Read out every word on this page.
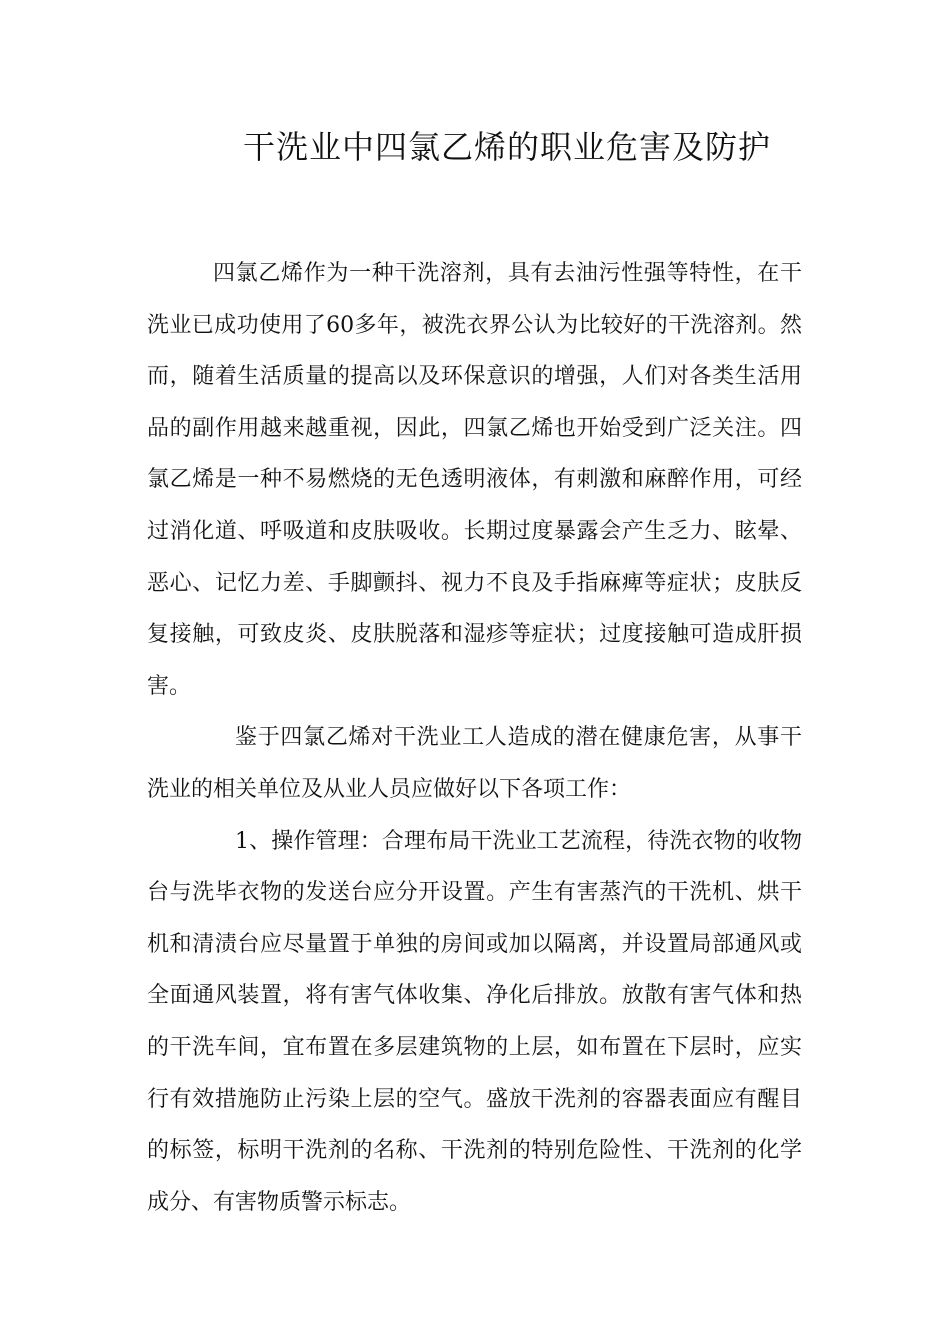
干洗业中四氯乙烯的职业危害及防护

四氯乙烯作为一种干洗溶剂，具有去油污性强等特性，在干洗业已成功使用了60多年，被洗衣界公认为比较好的干洗溶剂。然而，随着生活质量的提高以及环保意识的增强，人们对各类生活用品的副作用越来越重视，因此，四氯乙烯也开始受到广泛关注。四氯乙烯是一种不易燃烧的无色透明液体，有刺激和麻醉作用，可经过消化道、呼吸道和皮肤吸收。长期过度暴露会产生乏力、眩晕、恶心、记忆力差、手脚颤抖、视力不良及手指麻痺等症状；皮肤反复接触，可致皮炎、皮肤脱落和湿疹等症状；过度接触可造成肝损害。

鉴于四氯乙烯对干洗业工人造成的潜在健康危害，从事干洗业的相关单位及从业人员应做好以下各项工作：

1、操作管理：合理布局干洗业工艺流程，待洗衣物的收物台与洗毕衣物的发送台应分开设置。产生有害蒸汽的干洗机、烘干机和清渍台应尽量置于单独的房间或加以隔离，并设置局部通风或全面通风装置，将有害气体收集、净化后排放。放散有害气体和热的干洗车间，宜布置在多层建筑物的上层，如布置在下层时，应实行有效措施防止污染上层的空气。盛放干洗剂的容器表面应有醒目的标签，标明干洗剂的名称、干洗剂的特别危险性、干洗剂的化学成分、有害物质警示标志。
